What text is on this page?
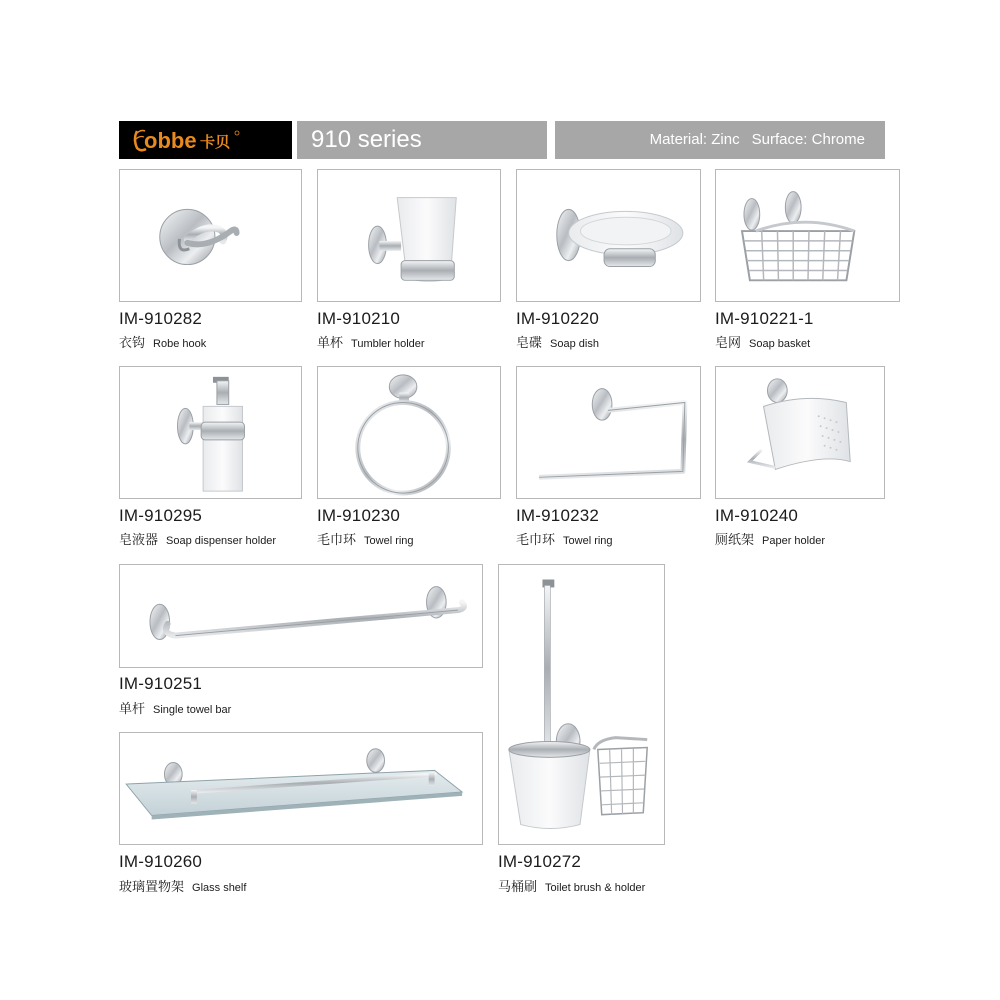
obbe 卡贝	910 series	Material: Zinc Surface: Chrome
IM-910282
衣钩 Robe hook
IM-910210
单杯 Tumbler holder
IM-910220
皂碟 Soap dish
IM-910221-1
皂网 Soap basket
IM-910295
皂液器 Soap dispenser holder
IM-910230
毛巾环 Towel ring
IM-910232
毛巾环 Towel ring
IM-910240
厕纸架 Paper holder
IM-910251
单杆 Single towel bar
IM-910260
玻璃置物架 Glass shelf
IM-910272
马桶刷 Toilet brush & holder
